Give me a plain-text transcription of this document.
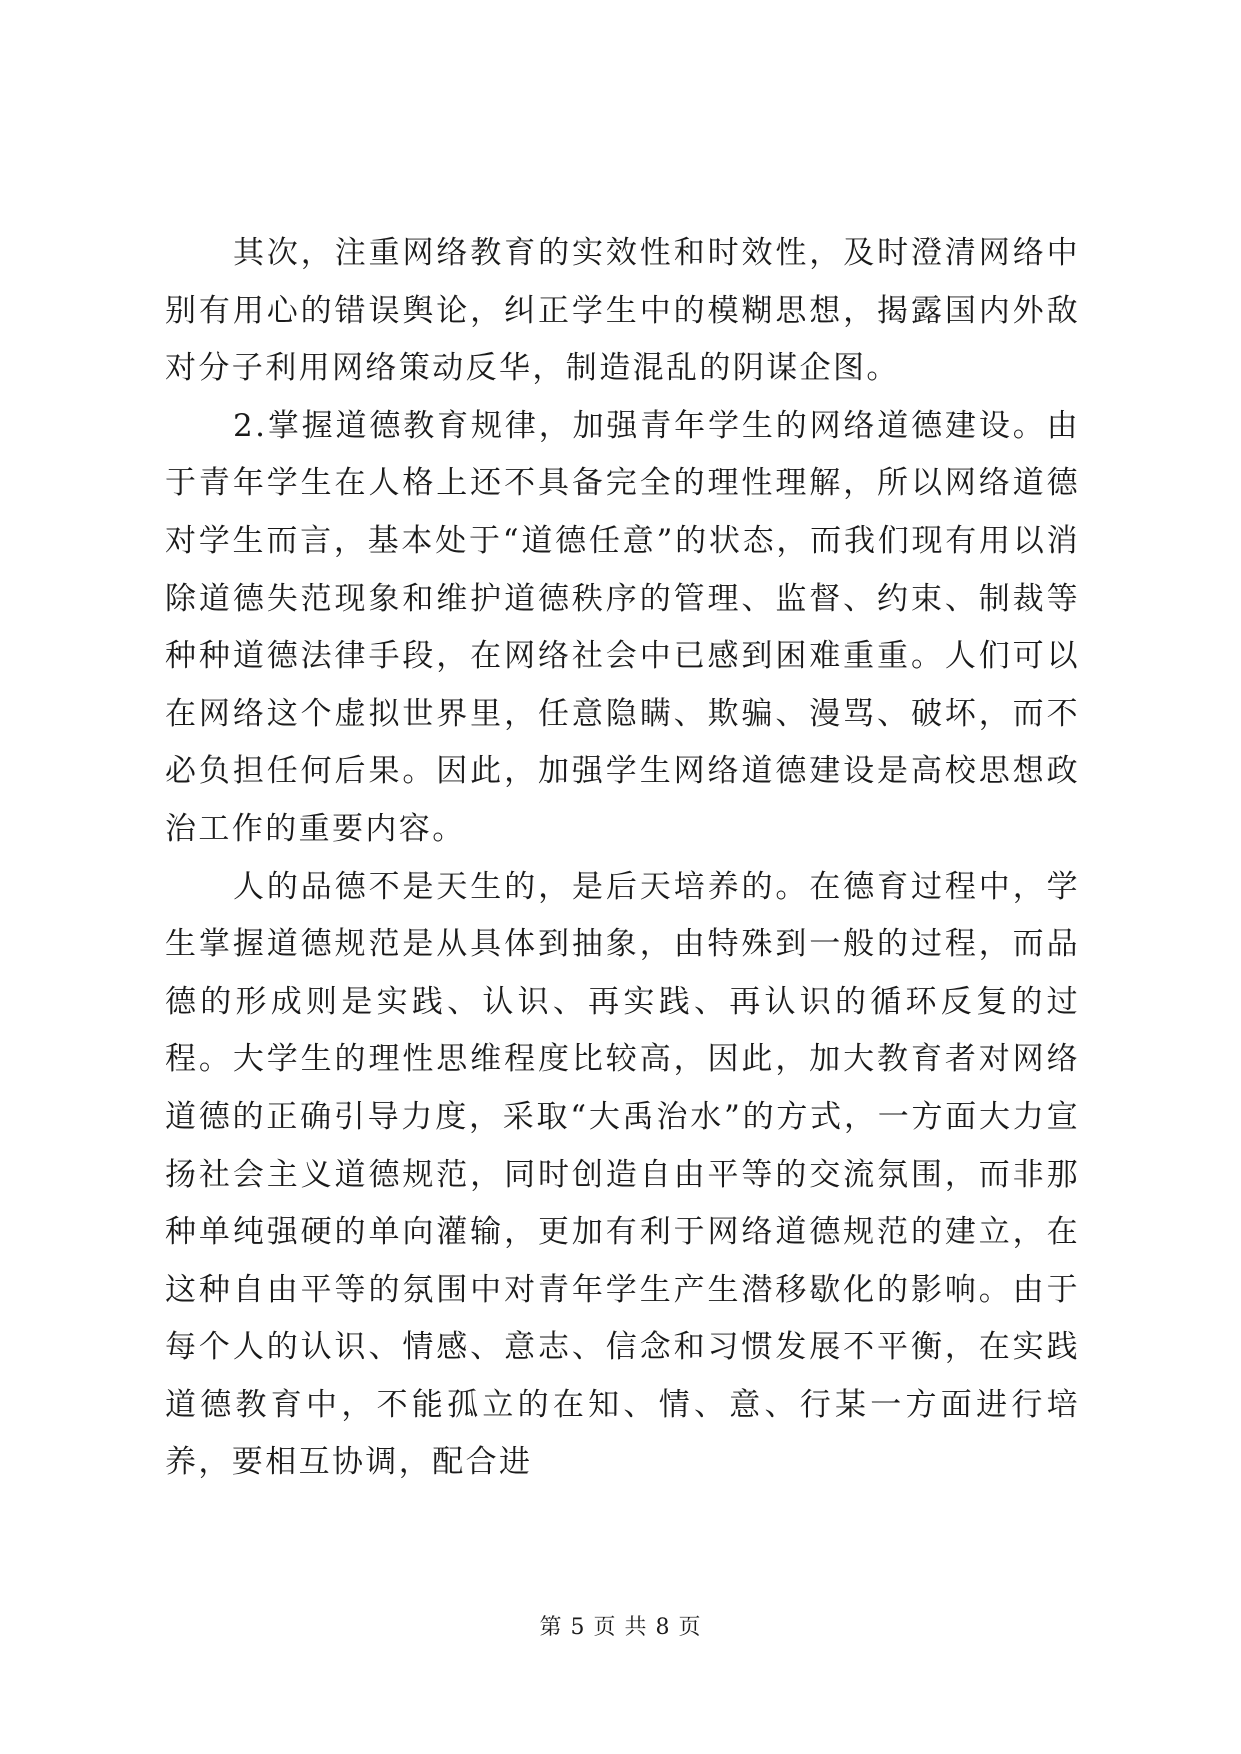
其次，注重网络教育的实效性和时效性，及时澄清网络中别有用心的错误舆论，纠正学生中的模糊思想，揭露国内外敌对分子利用网络策动反华，制造混乱的阴谋企图。

2.掌握道德教育规律，加强青年学生的网络道德建设。由于青年学生在人格上还不具备完全的理性理解，所以网络道德对学生而言，基本处于“道德任意”的状态，而我们现有用以消除道德失范现象和维护道德秩序的管理、监督、约束、制裁等种种道德法律手段，在网络社会中已感到困难重重。人们可以在网络这个虚拟世界里，任意隐瞒、欺骗、漫骂、破坏，而不必负担任何后果。因此，加强学生网络道德建设是高校思想政治工作的重要内容。

人的品德不是天生的，是后天培养的。在德育过程中，学生掌握道德规范是从具体到抽象，由特殊到一般的过程，而品德的形成则是实践、认识、再实践、再认识的循环反复的过程。大学生的理性思维程度比较高，因此，加大教育者对网络道德的正确引导力度，采取“大禹治水”的方式，一方面大力宣扬社会主义道德规范，同时创造自由平等的交流氛围，而非那种单纯强硬的单向灌输，更加有利于网络道德规范的建立，在这种自由平等的氛围中对青年学生产生潜移歇化的影响。由于每个人的认识、情感、意志、信念和习惯发展不平衡，在实践道德教育中，不能孤立的在知、情、意、行某一方面进行培养，要相互协调，配合进

第 5 页 共 8 页
